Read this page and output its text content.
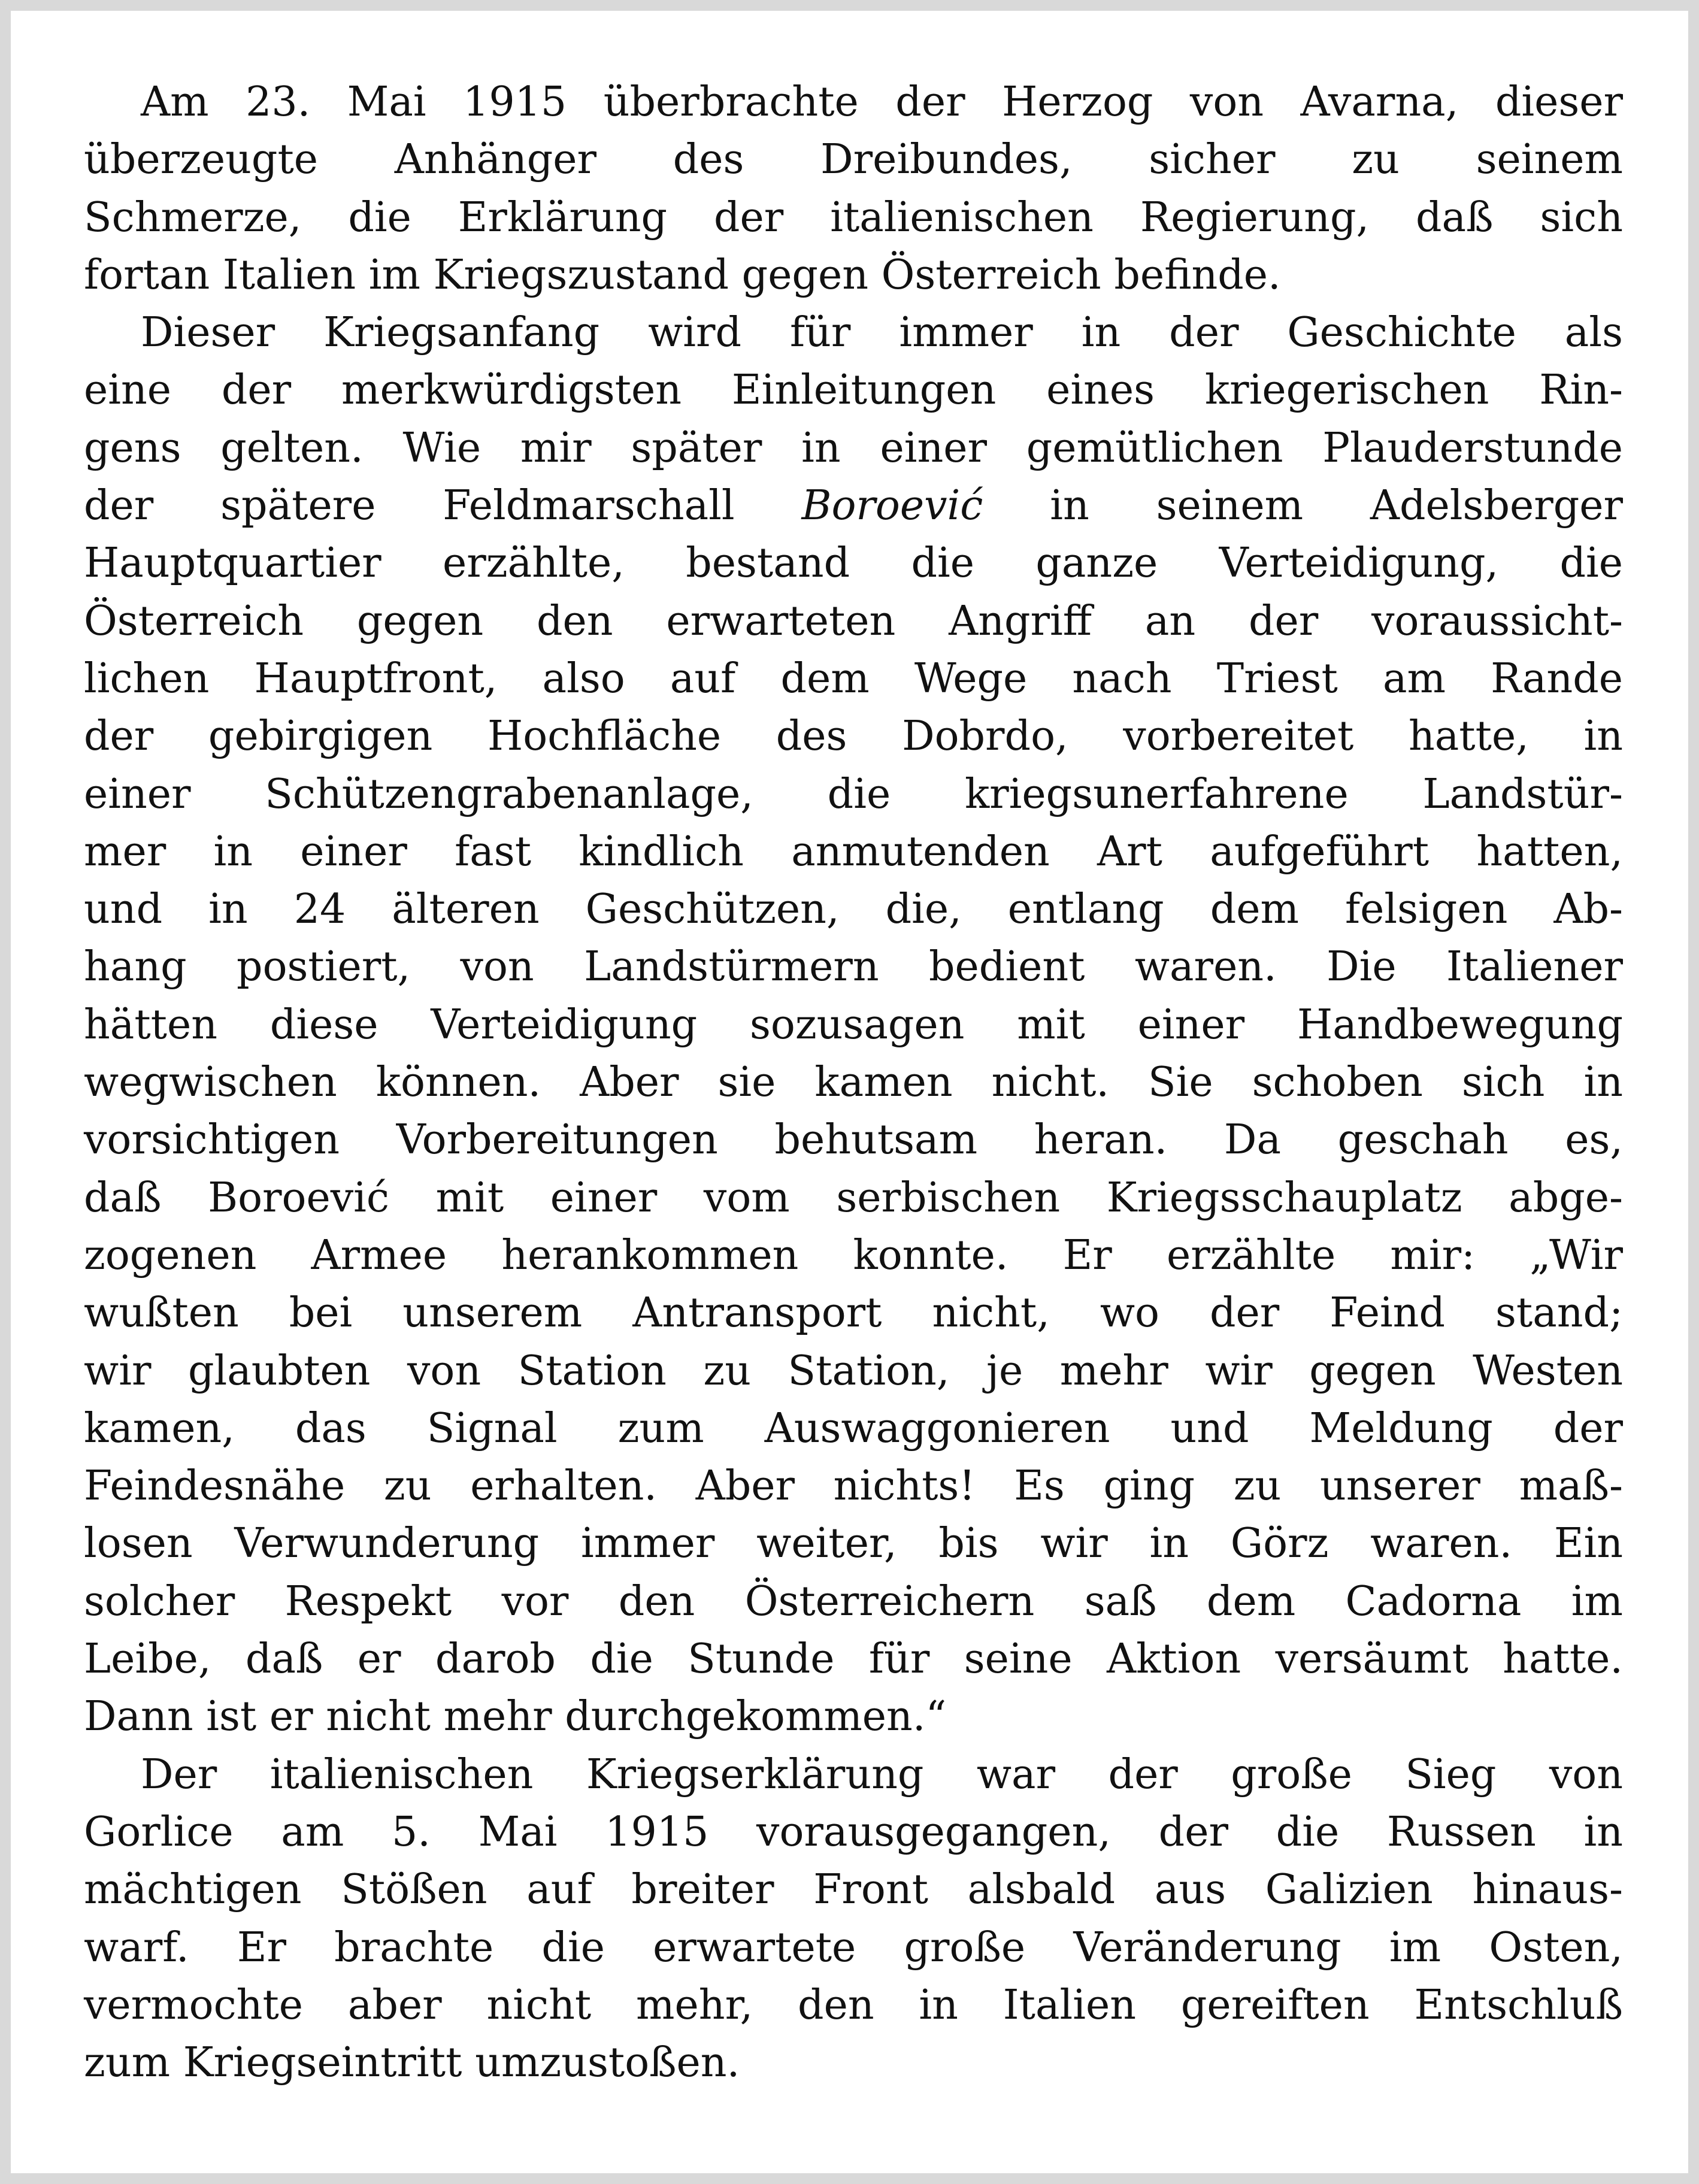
Am 23. Mai 1915 überbrachte der Herzog von Avarna, dieser
überzeugte Anhänger des Dreibundes, sicher zu seinem
Schmerze, die Erklärung der italienischen Regierung, daß sich
fortan Italien im Kriegszustand gegen Österreich befinde.
Dieser Kriegsanfang wird für immer in der Geschichte als
eine der merkwürdigsten Einleitungen eines kriegerischen Rin-
gens gelten. Wie mir später in einer gemütlichen Plauderstunde
der spätere Feldmarschall Boroević in seinem Adelsberger
Hauptquartier erzählte, bestand die ganze Verteidigung, die
Österreich gegen den erwarteten Angriff an der voraussicht-
lichen Hauptfront, also auf dem Wege nach Triest am Rande
der gebirgigen Hochfläche des Dobrdo, vorbereitet hatte, in
einer Schützengrabenanlage, die kriegsunerfahrene Landstür-
mer in einer fast kindlich anmutenden Art aufgeführt hatten,
und in 24 älteren Geschützen, die, entlang dem felsigen Ab-
hang postiert, von Landstürmern bedient waren. Die Italiener
hätten diese Verteidigung sozusagen mit einer Handbewegung
wegwischen können. Aber sie kamen nicht. Sie schoben sich in
vorsichtigen Vorbereitungen behutsam heran. Da geschah es,
daß Boroević mit einer vom serbischen Kriegsschauplatz abge-
zogenen Armee herankommen konnte. Er erzählte mir: „Wir
wußten bei unserem Antransport nicht, wo der Feind stand;
wir glaubten von Station zu Station, je mehr wir gegen Westen
kamen, das Signal zum Auswaggonieren und Meldung der
Feindesnähe zu erhalten. Aber nichts! Es ging zu unserer maß-
losen Verwunderung immer weiter, bis wir in Görz waren. Ein
solcher Respekt vor den Österreichern saß dem Cadorna im
Leibe, daß er darob die Stunde für seine Aktion versäumt hatte.
Dann ist er nicht mehr durchgekommen.“
Der italienischen Kriegserklärung war der große Sieg von
Gorlice am 5. Mai 1915 vorausgegangen, der die Russen in
mächtigen Stößen auf breiter Front alsbald aus Galizien hinaus-
warf. Er brachte die erwartete große Veränderung im Osten,
vermochte aber nicht mehr, den in Italien gereiften Entschluß
zum Kriegseintritt umzustoßen.
